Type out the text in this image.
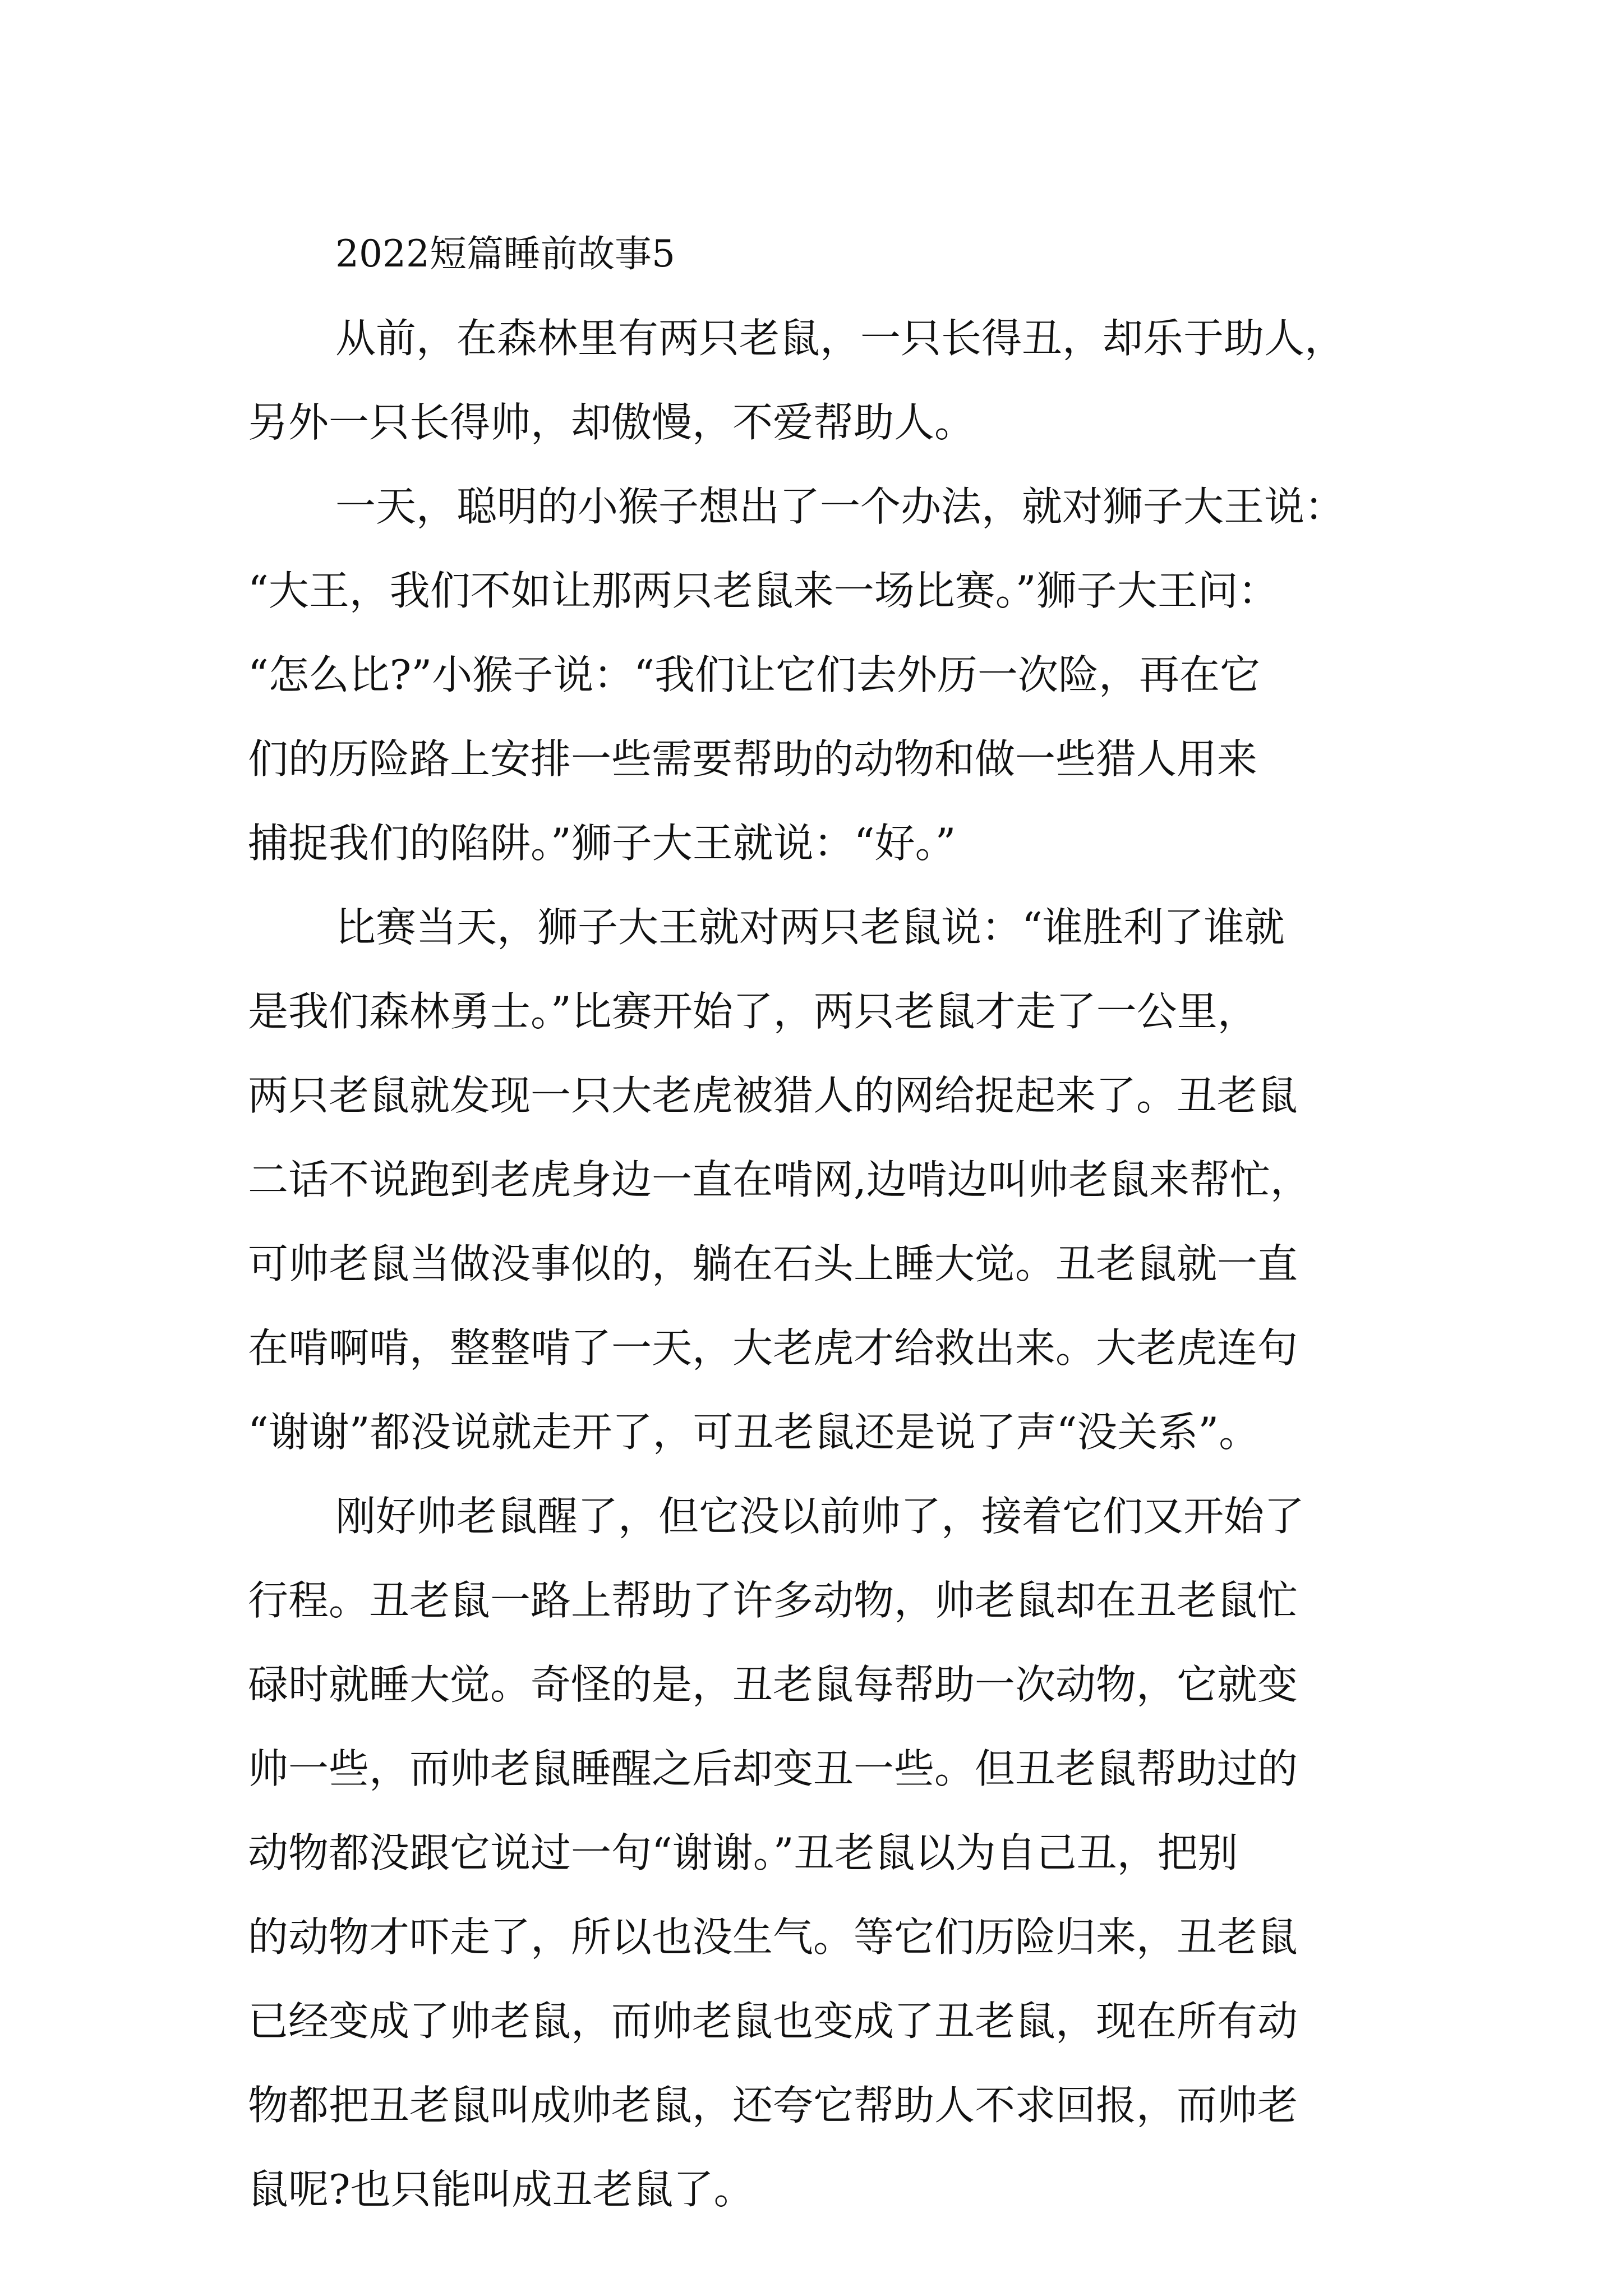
2022短篇睡前故事5

从前，在森林里有两只老鼠，一只长得丑，却乐于助人，
另外一只长得帅，却傲慢，不爱帮助人。

一天，聪明的小猴子想出了一个办法，就对狮子大王说：
“大王，我们不如让那两只老鼠来一场比赛。”狮子大王问：
“怎么比?”小猴子说：“我们让它们去外历一次险，再在它
们的历险路上安排一些需要帮助的动物和做一些猎人用来
捕捉我们的陷阱。”狮子大王就说：“好。”

比赛当天，狮子大王就对两只老鼠说：“谁胜利了谁就
是我们森林勇士。”比赛开始了，两只老鼠才走了一公里，
两只老鼠就发现一只大老虎被猎人的网给捉起来了。丑老鼠
二话不说跑到老虎身边一直在啃网,边啃边叫帅老鼠来帮忙，
可帅老鼠当做没事似的，躺在石头上睡大觉。丑老鼠就一直
在啃啊啃，整整啃了一天，大老虎才给救出来。大老虎连句
“谢谢”都没说就走开了，可丑老鼠还是说了声“没关系”。

刚好帅老鼠醒了，但它没以前帅了，接着它们又开始了
行程。丑老鼠一路上帮助了许多动物，帅老鼠却在丑老鼠忙
碌时就睡大觉。奇怪的是，丑老鼠每帮助一次动物，它就变
帅一些，而帅老鼠睡醒之后却变丑一些。但丑老鼠帮助过的
动物都没跟它说过一句“谢谢。”丑老鼠以为自己丑，把别
的动物才吓走了，所以也没生气。等它们历险归来，丑老鼠
已经变成了帅老鼠，而帅老鼠也变成了丑老鼠，现在所有动
物都把丑老鼠叫成帅老鼠，还夸它帮助人不求回报，而帅老
鼠呢?也只能叫成丑老鼠了。
